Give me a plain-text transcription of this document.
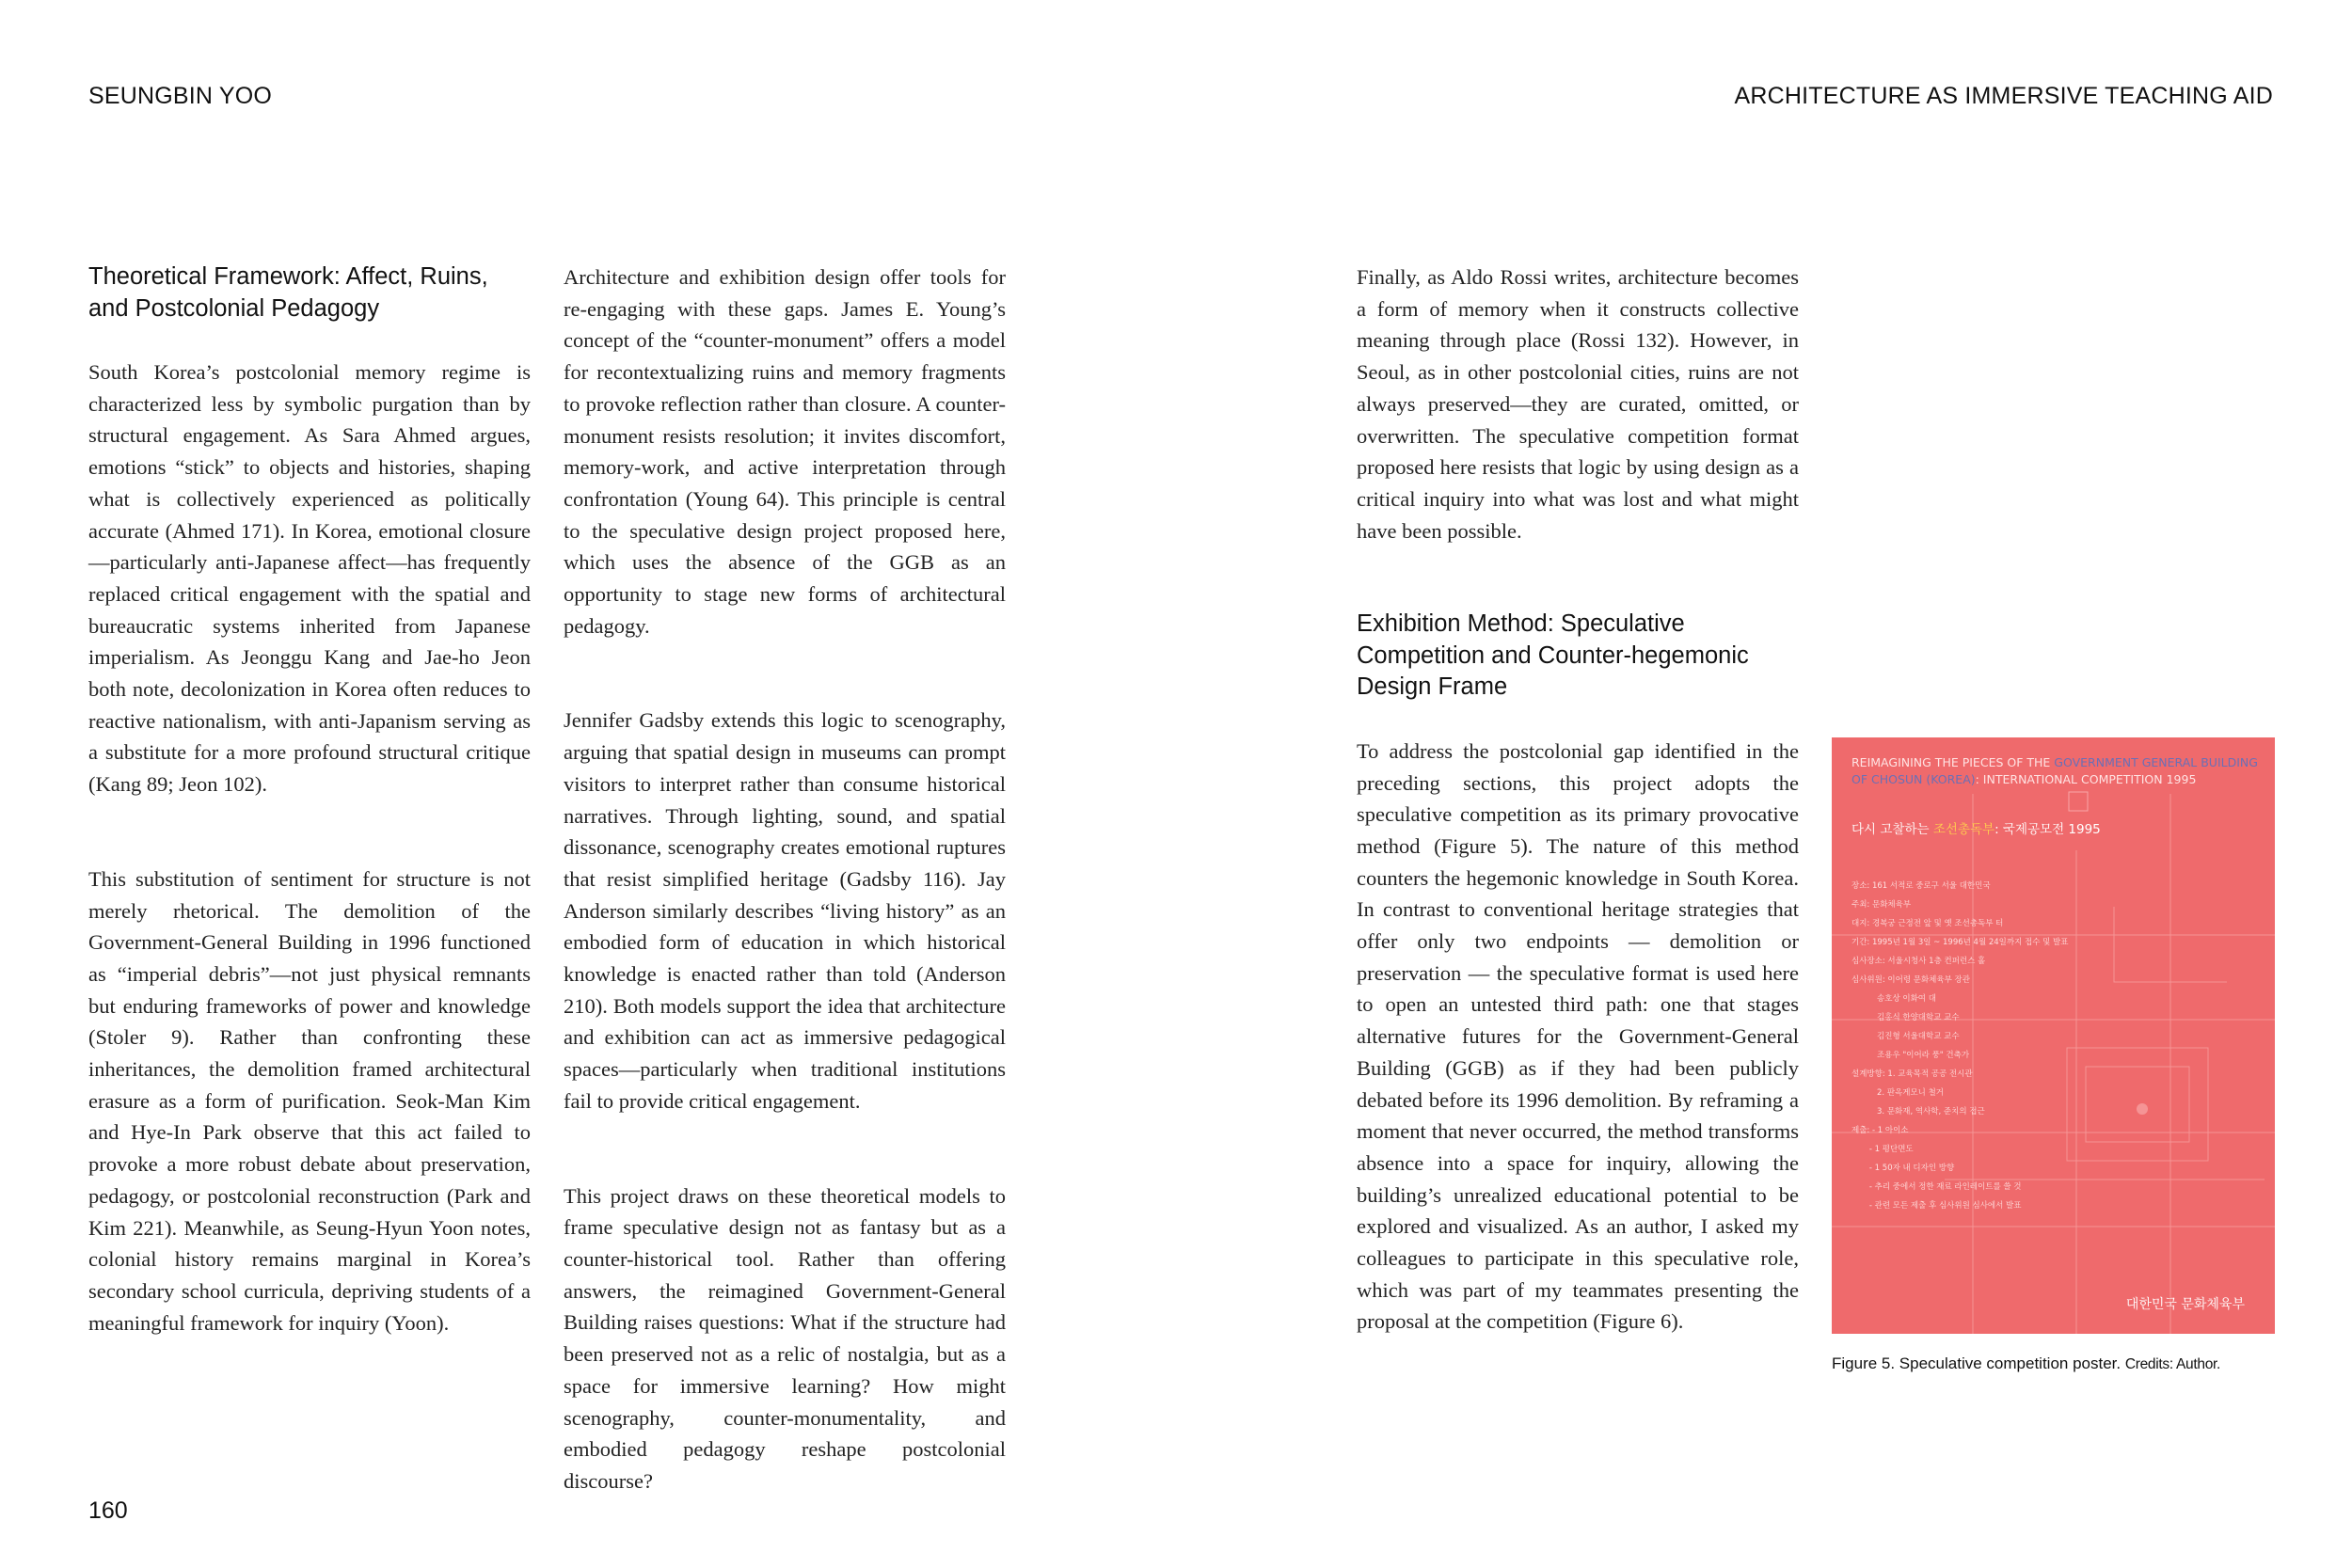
SEUNGBIN YOO	ARCHITECTURE AS IMMERSIVE TEACHING AID
Theoretical Framework: Affect, Ruins, and Postcolonial Pedagogy

South Korea’s postcolonial memory regime is characterized less by symbolic purgation than by structural engagement. As Sara Ahmed argues, emotions “stick” to objects and histories, shaping what is collectively experienced as politically accurate (Ahmed 171). In Korea, emotional closure—particularly anti-Japanese affect—has frequently replaced critical engagement with the spatial and bureaucratic systems inherited from Japanese imperialism. As Jeonggu Kang and Jae-ho Jeon both note, decolonization in Korea often reduces to reactive nationalism, with anti-Japanism serving as a substitute for a more profound structural critique (Kang 89; Jeon 102).

This substitution of sentiment for structure is not merely rhetorical. The demolition of the Government-General Building in 1996 functioned as “imperial debris”—not just physical remnants but enduring frameworks of power and knowledge (Stoler 9). Rather than confronting these inheritances, the demolition framed architectural erasure as a form of purification. Seok-Man Kim and Hye-In Park observe that this act failed to provoke a more robust debate about preservation, pedagogy, or postcolonial reconstruction (Park and Kim 221). Meanwhile, as Seung-Hyun Yoon notes, colonial history remains marginal in Korea’s secondary school curricula, depriving students of a meaningful framework for inquiry (Yoon).

Architecture and exhibition design offer tools for re-engaging with these gaps. James E. Young’s concept of the “counter-monument” offers a model for recontextualizing ruins and memory fragments to provoke reflection rather than closure. A counter-monument resists resolution; it invites discomfort, memory-work, and active interpretation through confrontation (Young 64). This principle is central to the speculative design project proposed here, which uses the absence of the GGB as an opportunity to stage new forms of architectural pedagogy.

Jennifer Gadsby extends this logic to scenography, arguing that spatial design in museums can prompt visitors to interpret rather than consume historical narratives. Through lighting, sound, and spatial dissonance, scenography creates emotional ruptures that resist simplified heritage (Gadsby 116). Jay Anderson similarly describes “living history” as an embodied form of education in which historical knowledge is enacted rather than told (Anderson 210). Both models support the idea that architecture and exhibition can act as immersive pedagogical spaces—particularly when traditional institutions fail to provide critical engagement.

This project draws on these theoretical models to frame speculative design not as fantasy but as a counter-historical tool. Rather than offering answers, the reimagined Government-General Building raises questions: What if the structure had been preserved not as a relic of nostalgia, but as a space for immersive learning? How might scenography, counter-monumentality, and embodied pedagogy reshape postcolonial discourse?

Finally, as Aldo Rossi writes, architecture becomes a form of memory when it constructs collective meaning through place (Rossi 132). However, in Seoul, as in other postcolonial cities, ruins are not always preserved—they are curated, omitted, or overwritten. The speculative competition format proposed here resists that logic by using design as a critical inquiry into what was lost and what might have been possible.

Exhibition Method: Speculative Competition and Counter-hegemonic Design Frame

To address the postcolonial gap identified in the preceding sections, this project adopts the speculative competition as its primary provocative method (Figure 5). The nature of this method counters the hegemonic knowledge in South Korea. In contrast to conventional heritage strategies that offer only two endpoints — demolition or preservation — the speculative format is used here to open an untested third path: one that stages alternative futures for the Government-General Building (GGB) as if they had been publicly debated before its 1996 demolition. By reframing a moment that never occurred, the method transforms absence into a space for inquiry, allowing the building’s unrealized educational potential to be explored and visualized. As an author, I asked my colleagues to participate in this speculative role, which was part of my teammates presenting the proposal at the competition (Figure 6).

REIMAGINING THE PIECES OF THE GOVERNMENT GENERAL BUILDING OF CHOSUN (KOREA): INTERNATIONAL COMPETITION 1995
다시 고찰하는 조선총독부: 국제공모전 1995
장소: 161 서적로 중로구 서울 대한민국
주최: 문화체육부
대지: 경복궁 근정전 앞 및 옛 조선총독부 터
기간: 1995년 1월 3일 ~ 1996년 4월 24일까지 접수 및 발표
심사장소: 서울시청사 1층 컨퍼런스 홀
심사위원: 이어령 문화체육부 장관
송호상 이화여 대
김홍식 한양대학교 교수
김진형 서울대학교 교수
조용우 "이어라 풍" 건축가
설계방향: 1. 교육목적 공공 전시관
2. 판옥게모니 철거
3. 문화재, 역사학, 준치의 접근
제출: - 1 아이소
- 1 평단면도
- 1 50자 내 디자인 방향
- 추리 중에서 정한 재료 라인레이트를 쓸 것
- 관련 모든 제출 후 심사위원 심사에서 발표
대한민국 문화체육부
Figure 5. Speculative competition poster. Credits: Author.
160
